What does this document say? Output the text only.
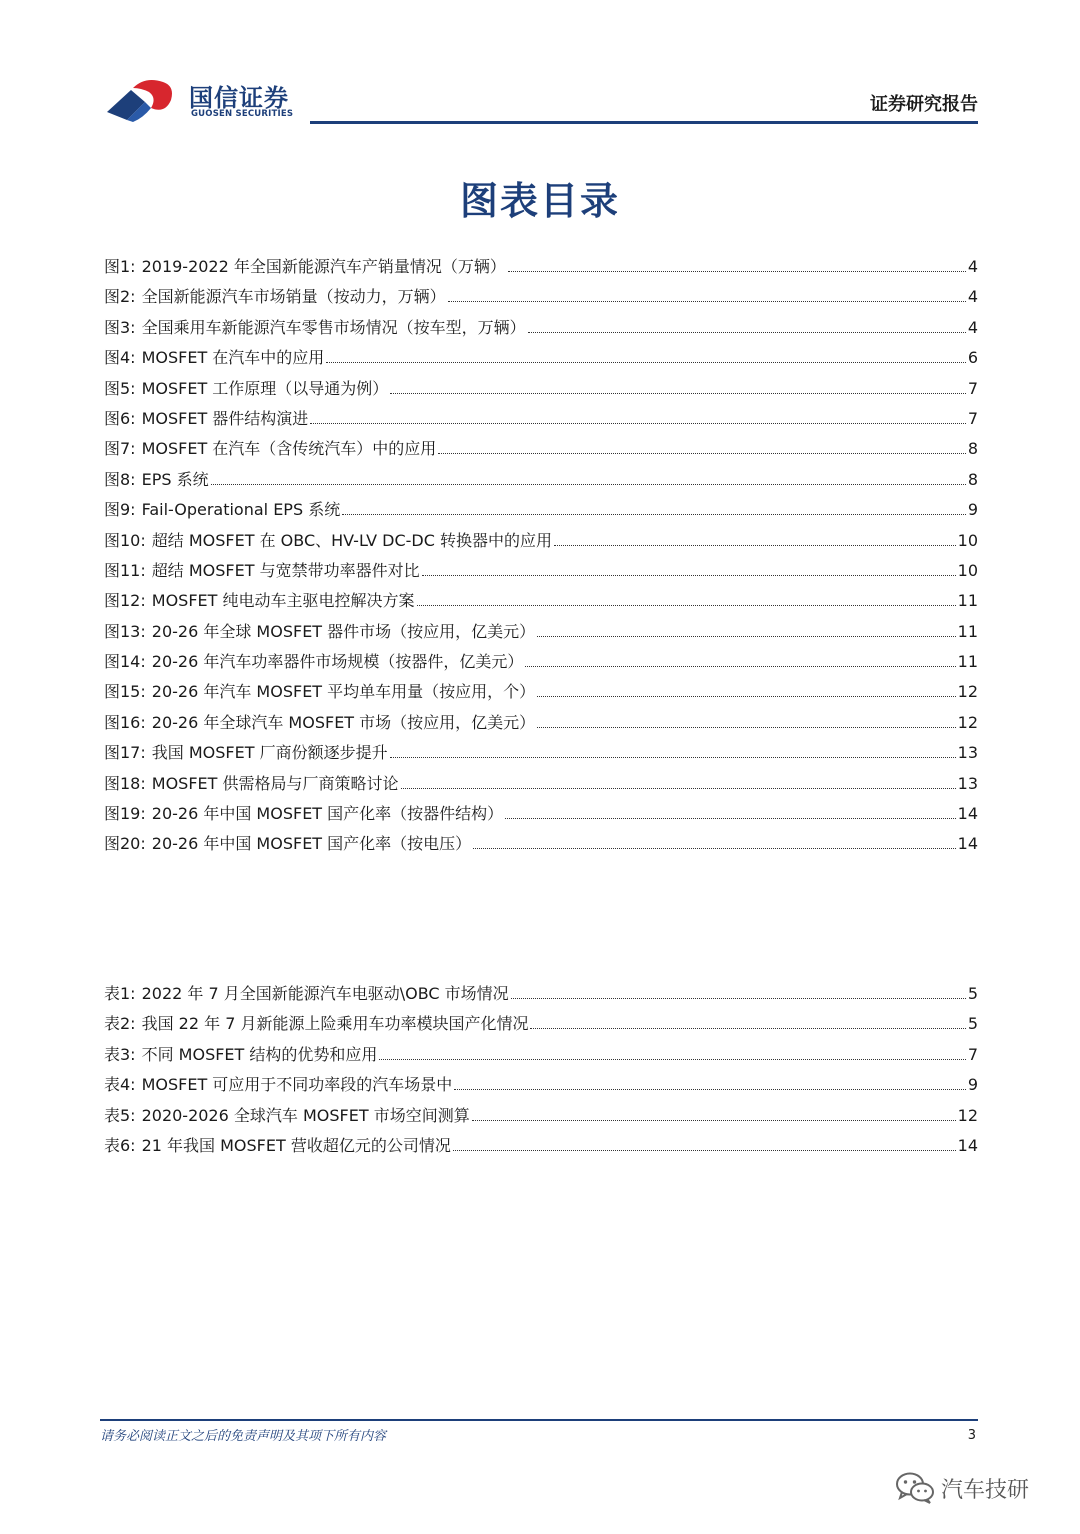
国信证券
GUOSEN SECURITIES	证券研究报告
图表目录
图1: 2019-2022 年全国新能源汽车产销量情况（万辆）	4
图2: 全国新能源汽车市场销量（按动力，万辆）	4
图3: 全国乘用车新能源汽车零售市场情况（按车型，万辆）	4
图4: MOSFET 在汽车中的应用	6
图5: MOSFET 工作原理（以导通为例）	7
图6: MOSFET 器件结构演进	7
图7: MOSFET 在汽车（含传统汽车）中的应用	8
图8: EPS 系统	8
图9: Fail-Operational EPS 系统	9
图10: 超结 MOSFET 在 OBC、HV-LV DC-DC 转换器中的应用	10
图11: 超结 MOSFET 与宽禁带功率器件对比	10
图12: MOSFET 纯电动车主驱电控解决方案	11
图13: 20-26 年全球 MOSFET 器件市场（按应用，亿美元）	11
图14: 20-26 年汽车功率器件市场规模（按器件，亿美元）	11
图15: 20-26 年汽车 MOSFET 平均单车用量（按应用，个）	12
图16: 20-26 年全球汽车 MOSFET 市场（按应用，亿美元）	12
图17: 我国 MOSFET 厂商份额逐步提升	13
图18: MOSFET 供需格局与厂商策略讨论	13
图19: 20-26 年中国 MOSFET 国产化率（按器件结构）	14
图20: 20-26 年中国 MOSFET 国产化率（按电压）	14
表1: 2022 年 7 月全国新能源汽车电驱动\OBC 市场情况	5
表2: 我国 22 年 7 月新能源上险乘用车功率模块国产化情况	5
表3: 不同 MOSFET 结构的优势和应用	7
表4: MOSFET 可应用于不同功率段的汽车场景中	9
表5: 2020-2026 全球汽车 MOSFET 市场空间测算	12
表6: 21 年我国 MOSFET 营收超亿元的公司情况	14
请务必阅读正文之后的免责声明及其项下所有内容	3
汽车技研
